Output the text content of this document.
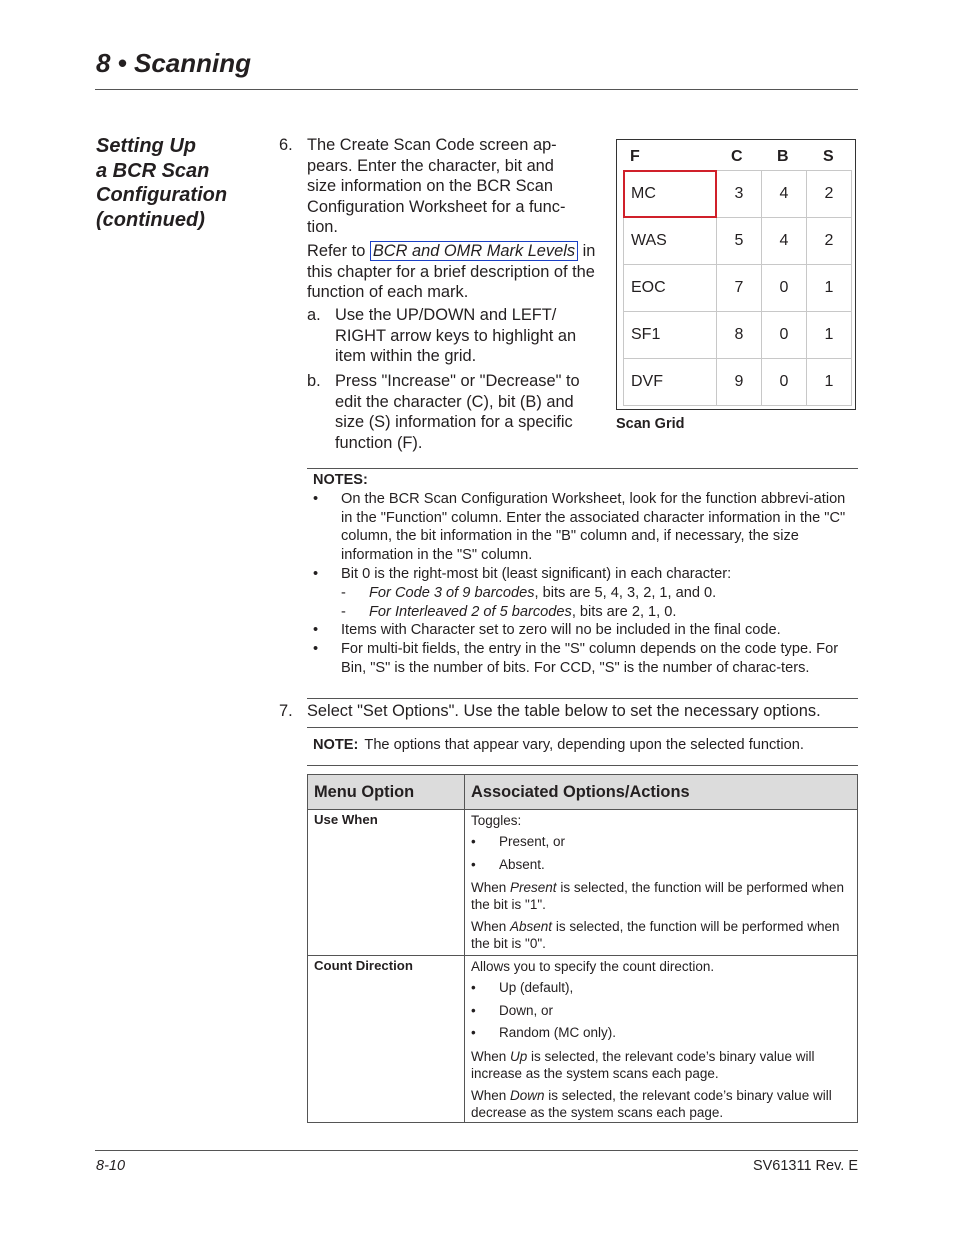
8 • Scanning
Setting Up
a BCR Scan
Configuration
(continued)
6. The Create Scan Code screen ap-pears. Enter the character, bit and size information on the BCR Scan Configuration Worksheet for a func-tion.
Refer to BCR and OMR Mark Levels in this chapter for a brief description of the function of each mark.
a. Use the UP/DOWN and LEFT/ RIGHT arrow keys to highlight an item within the grid.
b. Press "Increase" or "Decrease" to edit the character (C), bit (B) and size (S) information for a specific function (F).
F	C B S
MC	3	4	2
WAS	5	4	2
EOC	7	0	1
SF1	8	0	1
DVF	9	0	1
Scan Grid
NOTES:
• On the BCR Scan Configuration Worksheet, look for the function abbrevi-ation in the "Function" column. Enter the associated character information in the "C" column, the bit information in the "B" column and, if necessary, the size information in the "S" column.
• Bit 0 is the right-most bit (least significant) in each character:
- For Code 3 of 9 barcodes, bits are 5, 4, 3, 2, 1, and 0.
- For Interleaved 2 of 5 barcodes, bits are 2, 1, 0.
• Items with Character set to zero will no be included in the final code.
• For multi-bit fields, the entry in the "S" column depends on the code type. For Bin, "S" is the number of bits. For CCD, "S" is the number of charac-ters.
7. Select "Set Options". Use the table below to set the necessary options.
NOTE: The options that appear vary, depending upon the selected function.
Menu Option	Associated Options/Actions
Use When	Toggles:
• Present, or
• Absent.
When Present is selected, the function will be performed when the bit is "1".
When Absent is selected, the function will be performed when the bit is "0".
Count Direction	Allows you to specify the count direction.
• Up (default),
• Down, or
• Random (MC only).
When Up is selected, the relevant code’s binary value will increase as the system scans each page.
When Down is selected, the relevant code’s binary value will decrease as the system scans each page.
8-10	SV61311 Rev. E
